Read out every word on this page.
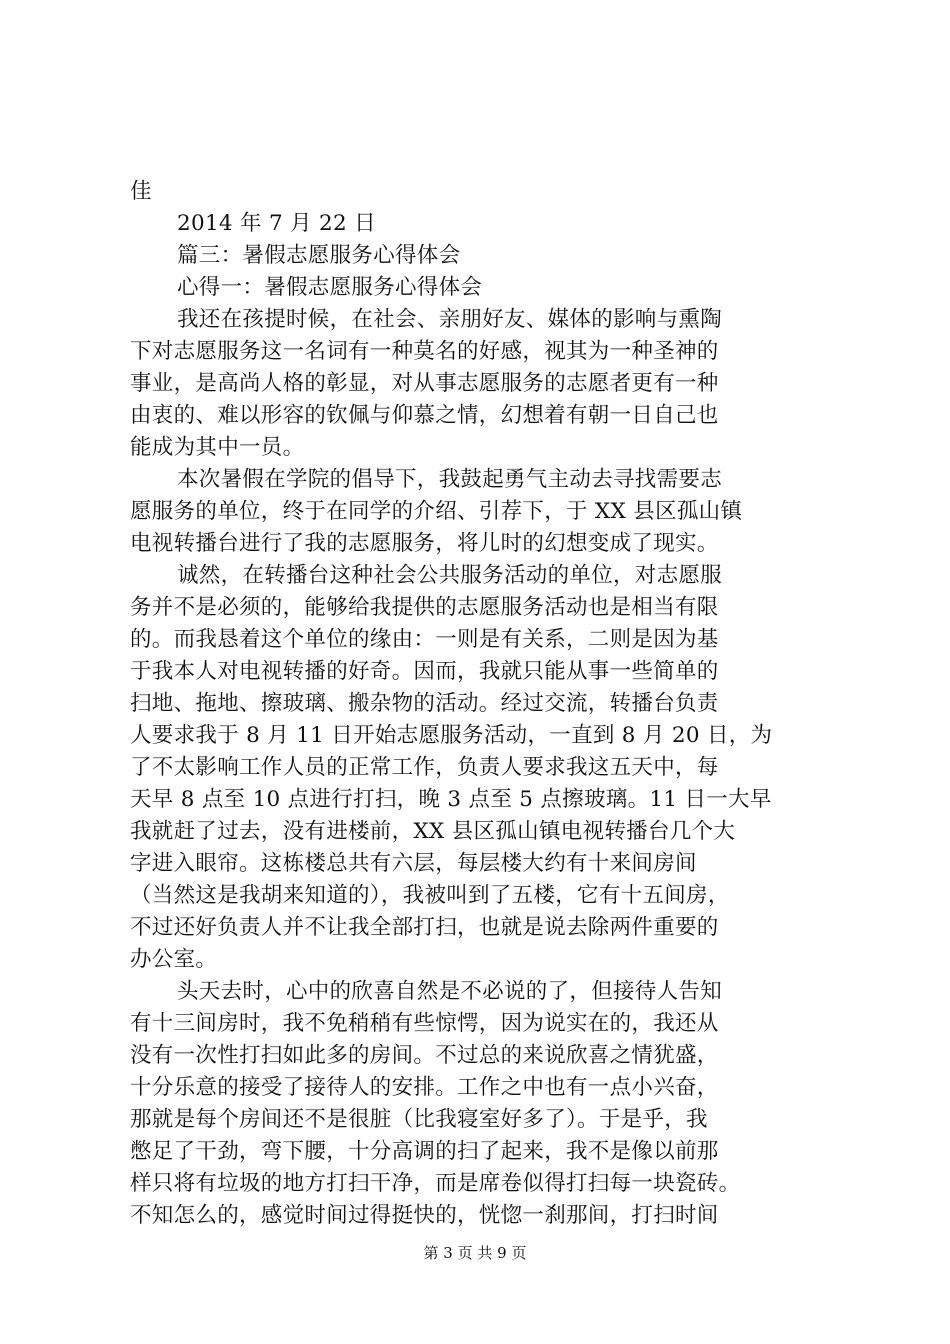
佳
2014 年 7 月 22 日
篇三：暑假志愿服务心得体会
心得一：暑假志愿服务心得体会
我还在孩提时候，在社会、亲朋好友、媒体的影响与熏陶
下对志愿服务这一名词有一种莫名的好感，视其为一种圣神的
事业，是高尚人格的彰显，对从事志愿服务的志愿者更有一种
由衷的、难以形容的钦佩与仰慕之情，幻想着有朝一日自己也
能成为其中一员。
本次暑假在学院的倡导下，我鼓起勇气主动去寻找需要志
愿服务的单位，终于在同学的介绍、引荐下，于 XX 县区孤山镇
电视转播台进行了我的志愿服务，将儿时的幻想变成了现实。
诚然，在转播台这种社会公共服务活动的单位，对志愿服
务并不是必须的，能够给我提供的志愿服务活动也是相当有限
的。而我恳着这个单位的缘由：一则是有关系，二则是因为基
于我本人对电视转播的好奇。因而，我就只能从事一些简单的
扫地、拖地、擦玻璃、搬杂物的活动。经过交流，转播台负责
人要求我于 8 月 11 日开始志愿服务活动，一直到 8 月 20 日，为
了不太影响工作人员的正常工作，负责人要求我这五天中，每
天早 8 点至 10 点进行打扫，晚 3 点至 5 点擦玻璃。11 日一大早
我就赶了过去，没有进楼前，XX 县区孤山镇电视转播台几个大
字进入眼帘。这栋楼总共有六层，每层楼大约有十来间房间
（当然这是我胡来知道的），我被叫到了五楼，它有十五间房，
不过还好负责人并不让我全部打扫，也就是说去除两件重要的
办公室。
头天去时，心中的欣喜自然是不必说的了，但接待人告知
有十三间房时，我不免稍稍有些惊愕，因为说实在的，我还从
没有一次性打扫如此多的房间。不过总的来说欣喜之情犹盛，
十分乐意的接受了接待人的安排。工作之中也有一点小兴奋，
那就是每个房间还不是很脏（比我寝室好多了）。于是乎，我
憋足了干劲，弯下腰，十分高调的扫了起来，我不是像以前那
样只将有垃圾的地方打扫干净，而是席卷似得打扫每一块瓷砖。
不知怎么的，感觉时间过得挺快的，恍惚一刹那间，打扫时间
第 3 页 共 9 页
